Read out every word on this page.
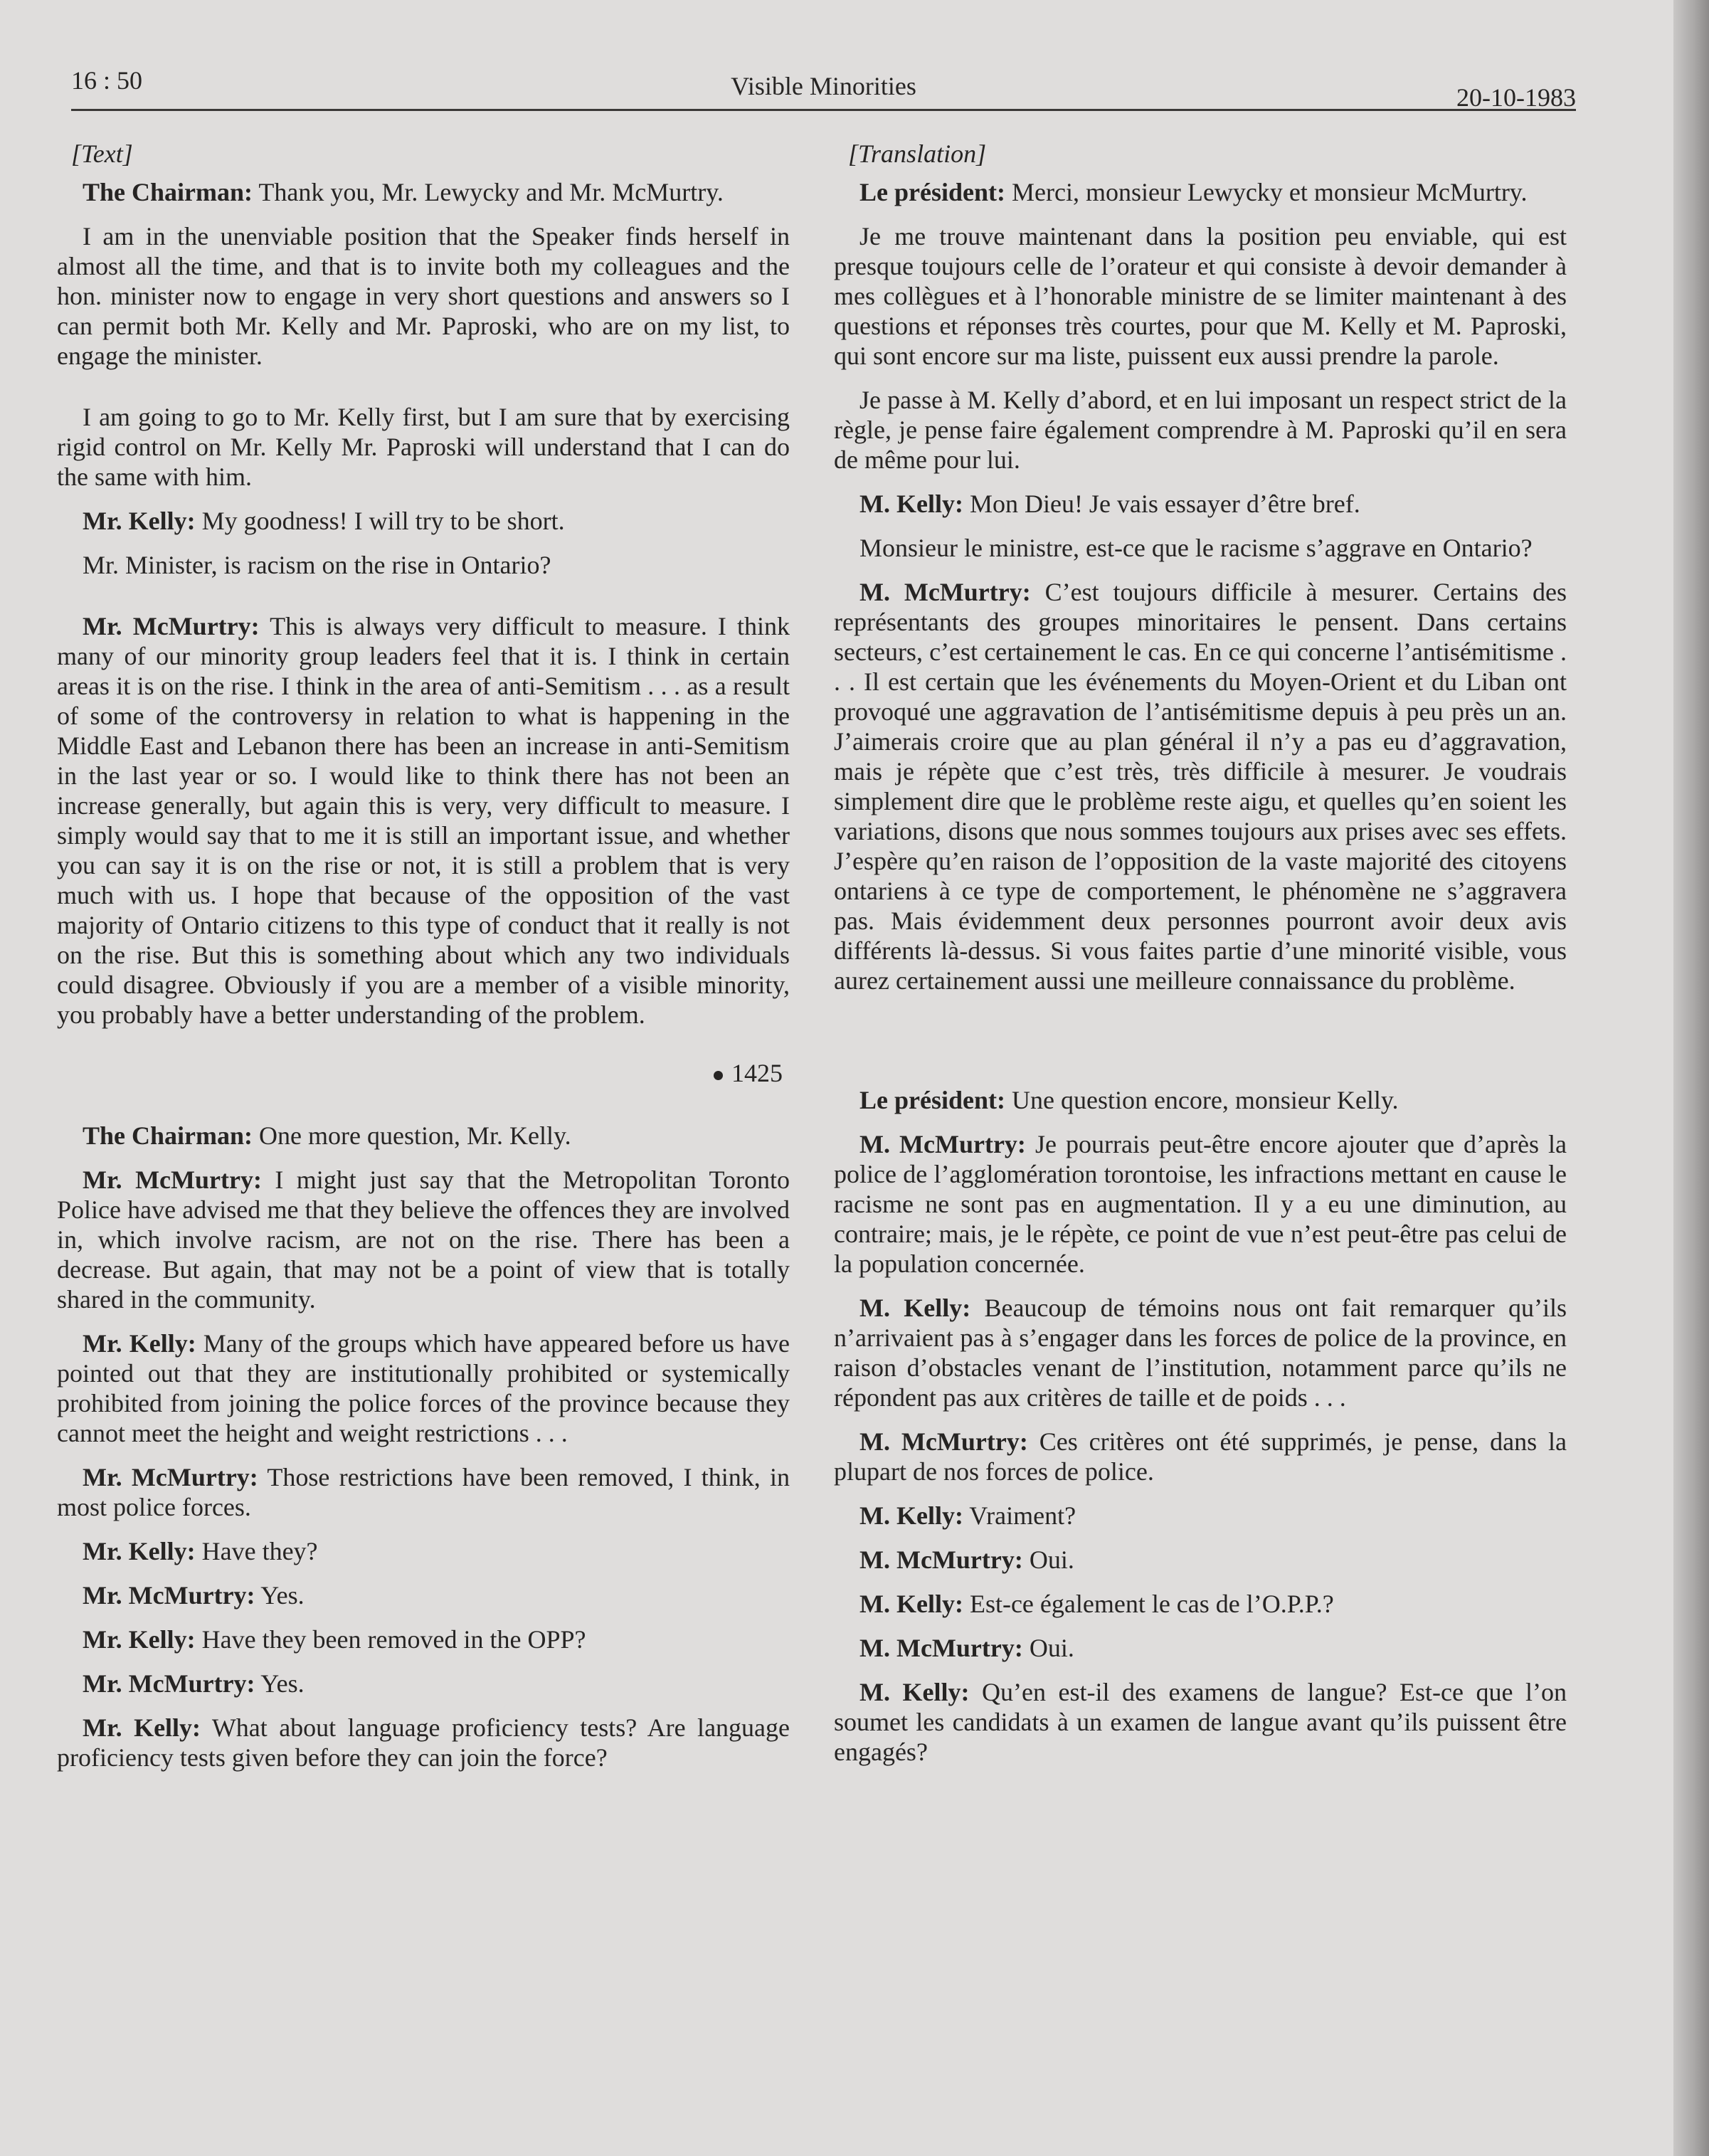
16 : 50	Visible Minorities	20-10-1983

[Text]

The Chairman: Thank you, Mr. Lewycky and Mr. McMurtry.

I am in the unenviable position that the Speaker finds herself in almost all the time, and that is to invite both my colleagues and the hon. minister now to engage in very short questions and answers so I can permit both Mr. Kelly and Mr. Paproski, who are on my list, to engage the minister.

I am going to go to Mr. Kelly first, but I am sure that by exercising rigid control on Mr. Kelly Mr. Paproski will understand that I can do the same with him.

Mr. Kelly: My goodness! I will try to be short.

Mr. Minister, is racism on the rise in Ontario?

Mr. McMurtry: This is always very difficult to measure. I think many of our minority group leaders feel that it is. I think in certain areas it is on the rise. I think in the area of anti-Semitism . . . as a result of some of the controversy in relation to what is happening in the Middle East and Lebanon there has been an increase in anti-Semitism in the last year or so. I would like to think there has not been an increase generally, but again this is very, very difficult to measure. I simply would say that to me it is still an important issue, and whether you can say it is on the rise or not, it is still a problem that is very much with us. I hope that because of the opposition of the vast majority of Ontario citizens to this type of conduct that it really is not on the rise. But this is something about which any two individuals could disagree. Obviously if you are a member of a visible minority, you probably have a better understanding of the problem.

1425

The Chairman: One more question, Mr. Kelly.

Mr. McMurtry: I might just say that the Metropolitan Toronto Police have advised me that they believe the offences they are involved in, which involve racism, are not on the rise. There has been a decrease. But again, that may not be a point of view that is totally shared in the community.

Mr. Kelly: Many of the groups which have appeared before us have pointed out that they are institutionally prohibited or systemically prohibited from joining the police forces of the province because they cannot meet the height and weight restrictions . . .

Mr. McMurtry: Those restrictions have been removed, I think, in most police forces.

Mr. Kelly: Have they?

Mr. McMurtry: Yes.

Mr. Kelly: Have they been removed in the OPP?

Mr. McMurtry: Yes.

Mr. Kelly: What about language proficiency tests? Are language proficiency tests given before they can join the force?

[Translation]

Le président: Merci, monsieur Lewycky et monsieur McMurtry.

Je me trouve maintenant dans la position peu enviable, qui est presque toujours celle de l’orateur et qui consiste à devoir demander à mes collègues et à l’honorable ministre de se limiter maintenant à des questions et réponses très courtes, pour que M. Kelly et M. Paproski, qui sont encore sur ma liste, puissent eux aussi prendre la parole.

Je passe à M. Kelly d’abord, et en lui imposant un respect strict de la règle, je pense faire également comprendre à M. Paproski qu’il en sera de même pour lui.

M. Kelly: Mon Dieu! Je vais essayer d’être bref.

Monsieur le ministre, est-ce que le racisme s’aggrave en Ontario?

M. McMurtry: C’est toujours difficile à mesurer. Certains des représentants des groupes minoritaires le pensent. Dans certains secteurs, c’est certainement le cas. En ce qui concerne l’antisémitisme . . . Il est certain que les événements du Moyen-Orient et du Liban ont provoqué une aggravation de l’antisémitisme depuis à peu près un an. J’aimerais croire que au plan général il n’y a pas eu d’aggravation, mais je répète que c’est très, très difficile à mesurer. Je voudrais simplement dire que le problème reste aigu, et quelles qu’en soient les variations, disons que nous sommes toujours aux prises avec ses effets. J’espère qu’en raison de l’opposition de la vaste majorité des citoyens ontariens à ce type de comportement, le phénomène ne s’aggravera pas. Mais évidemment deux personnes pourront avoir deux avis différents là-dessus. Si vous faites partie d’une minorité visible, vous aurez certainement aussi une meilleure connaissance du problème.

Le président: Une question encore, monsieur Kelly.

M. McMurtry: Je pourrais peut-être encore ajouter que d’après la police de l’agglomération torontoise, les infractions mettant en cause le racisme ne sont pas en augmentation. Il y a eu une diminution, au contraire; mais, je le répète, ce point de vue n’est peut-être pas celui de la population concernée.

M. Kelly: Beaucoup de témoins nous ont fait remarquer qu’ils n’arrivaient pas à s’engager dans les forces de police de la province, en raison d’obstacles venant de l’institution, notamment parce qu’ils ne répondent pas aux critères de taille et de poids . . .

M. McMurtry: Ces critères ont été supprimés, je pense, dans la plupart de nos forces de police.

M. Kelly: Vraiment?

M. McMurtry: Oui.

M. Kelly: Est-ce également le cas de l’O.P.P.?

M. McMurtry: Oui.

M. Kelly: Qu’en est-il des examens de langue? Est-ce que l’on soumet les candidats à un examen de langue avant qu’ils puissent être engagés?
